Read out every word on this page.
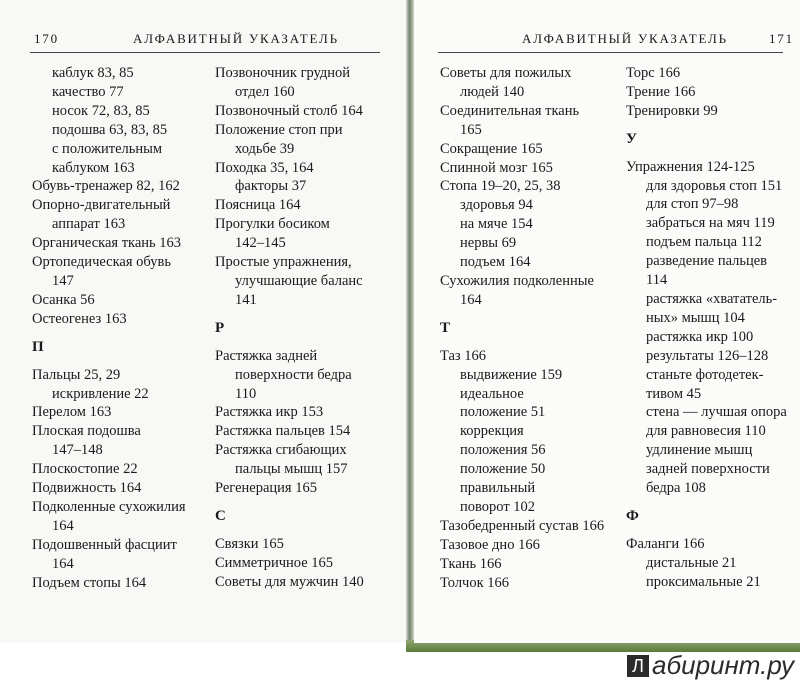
170	АЛФАВИТНЫЙ УКАЗАТЕЛЬ
каблук 83, 85
качество 77
носок 72, 83, 85
подошва 63, 83, 85
с положительным
каблуком 163
Обувь-тренажер 82, 162
Опорно-двигательный
аппарат 163
Органическая ткань 163
Ортопедическая обувь
147
Осанка 56
Остеогенез 163
П
Пальцы 25, 29
искривление 22
Перелом 163
Плоская подошва
147–148
Плоскостопие 22
Подвижность 164
Подколенные сухожилия
164
Подошвенный фасциит
164
Подъем стопы 164
Позвоночник грудной
отдел 160
Позвоночный столб 164
Положение стоп при
ходьбе 39
Походка 35, 164
факторы 37
Поясница 164
Прогулки босиком
142–145
Простые упражнения,
улучшающие баланс
141
Р
Растяжка задней
поверхности бедра
110
Растяжка икр 153
Растяжка пальцев 154
Растяжка сгибающих
пальцы мышц 157
Регенерация 165
С
Связки 165
Симметричное 165
Советы для мужчин 140
АЛФАВИТНЫЙ УКАЗАТЕЛЬ	171
Советы для пожилых
людей 140
Соединительная ткань
165
Сокращение 165
Спинной мозг 165
Стопа 19–20, 25, 38
здоровья 94
на мяче 154
нервы 69
подъем 164
Сухожилия подколенные
164
Т
Таз 166
выдвижение 159
идеальное
положение 51
коррекция
положения 56
положение 50
правильный
поворот 102
Тазобедренный сустав 166
Тазовое дно 166
Ткань 166
Толчок 166
Торс 166
Трение 166
Тренировки 99
У
Упражнения 124-125
для здоровья стоп 151
для стоп 97–98
забрaться на мяч 119
подъем пальца 112
разведение пальцев
114
растяжка «хвататель-
ных» мышц 104
растяжка икр 100
результаты 126–128
станьте фотодетек-
тивом 45
стена — лучшая опора
для равновесия 110
удлинение мышц
задней поверхности
бедра 108
Ф
Фаланги 166
дистальные 21
проксимальные 21
Л абиринт.ру
